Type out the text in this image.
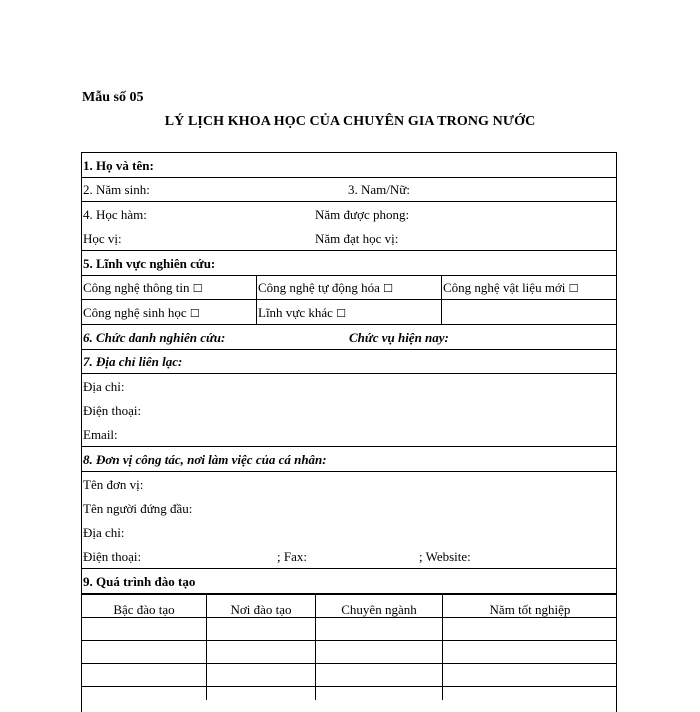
Mẫu số 05
LÝ LỊCH KHOA HỌC CỦA CHUYÊN GIA TRONG NƯỚC
1. Họ và tên:
2. Năm sinh:	3. Nam/Nữ:
4. Học hàm:	Năm được phong:
Học vị:	Năm đạt học vị:
5. Lĩnh vực nghiên cứu:
Công nghệ thông tin ☐	Công nghệ tự động hóa ☐	Công nghệ vật liệu mới ☐
Công nghệ sinh học ☐	Lĩnh vực khác ☐
6. Chức danh nghiên cứu:	Chức vụ hiện nay:
7. Địa chỉ liên lạc:
Địa chỉ:
Điện thoại:
Email:
8. Đơn vị công tác, nơi làm việc của cá nhân:
Tên đơn vị:
Tên người đứng đầu:
Địa chỉ:
Điện thoại:	; Fax:	; Website:
9. Quá trình đào tạo
Bậc đào tạo	Nơi đào tạo	Chuyên ngành	Năm tốt nghiệp
